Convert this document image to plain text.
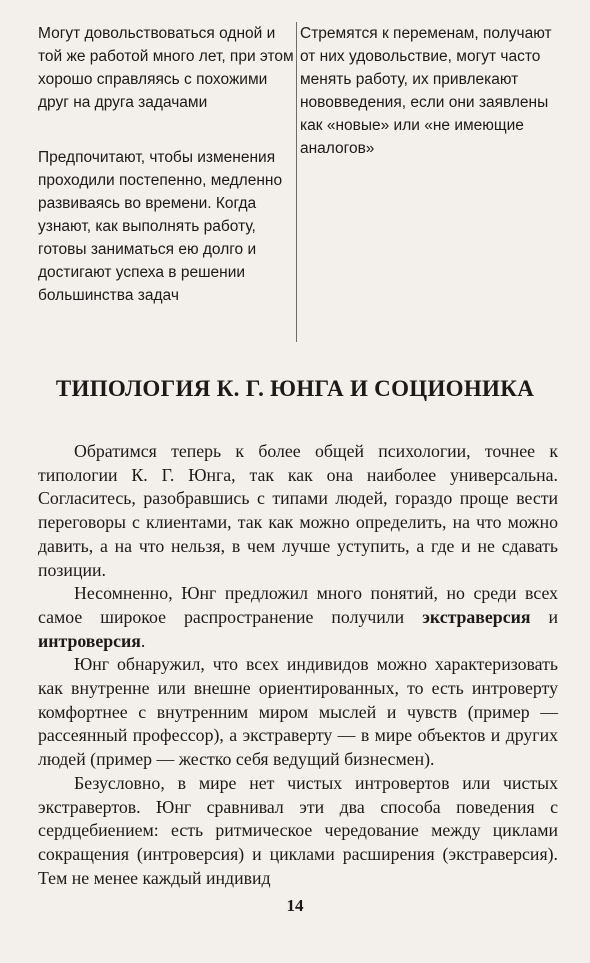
Могут довольствоваться одной и той же работой много лет, при этом хорошо справляясь с похожими друг на друга задачами

Предпочитают, чтобы изменения проходили постепенно, медленно развиваясь во времени. Когда узнают, как выполнять работу, готовы заниматься ею долго и достигают успеха в решении большинства задач

Стремятся к переменам, получают от них удовольствие, могут часто менять работу, их привлекают нововведения, если они заявлены как «новые» или «не имеющие аналогов»

ТИПОЛОГИЯ К. Г. ЮНГА И СОЦИОНИКА

Обратимся теперь к более общей психологии, точнее к типологии К. Г. Юнга, так как она наиболее универсальна. Согласитесь, разобравшись с типами людей, гораздо проще вести переговоры с клиентами, так как можно определить, на что можно давить, а на что нельзя, в чем лучше уступить, а где и не сдавать позиции.

Несомненно, Юнг предложил много понятий, но среди всех самое широкое распространение получили экстраверсия и интроверсия.

Юнг обнаружил, что всех индивидов можно характеризовать как внутренне или внешне ориентированных, то есть интроверту комфортнее с внутренним миром мыслей и чувств (пример — рассеянный профессор), а экстраверту — в мире объектов и других людей (пример — жестко себя ведущий бизнесмен).

Безусловно, в мире нет чистых интровертов или чистых экстравертов. Юнг сравнивал эти два способа поведения с сердцебиением: есть ритмическое чередование между циклами сокращения (интроверсия) и циклами расширения (экстраверсия). Тем не менее каждый индивид

14
